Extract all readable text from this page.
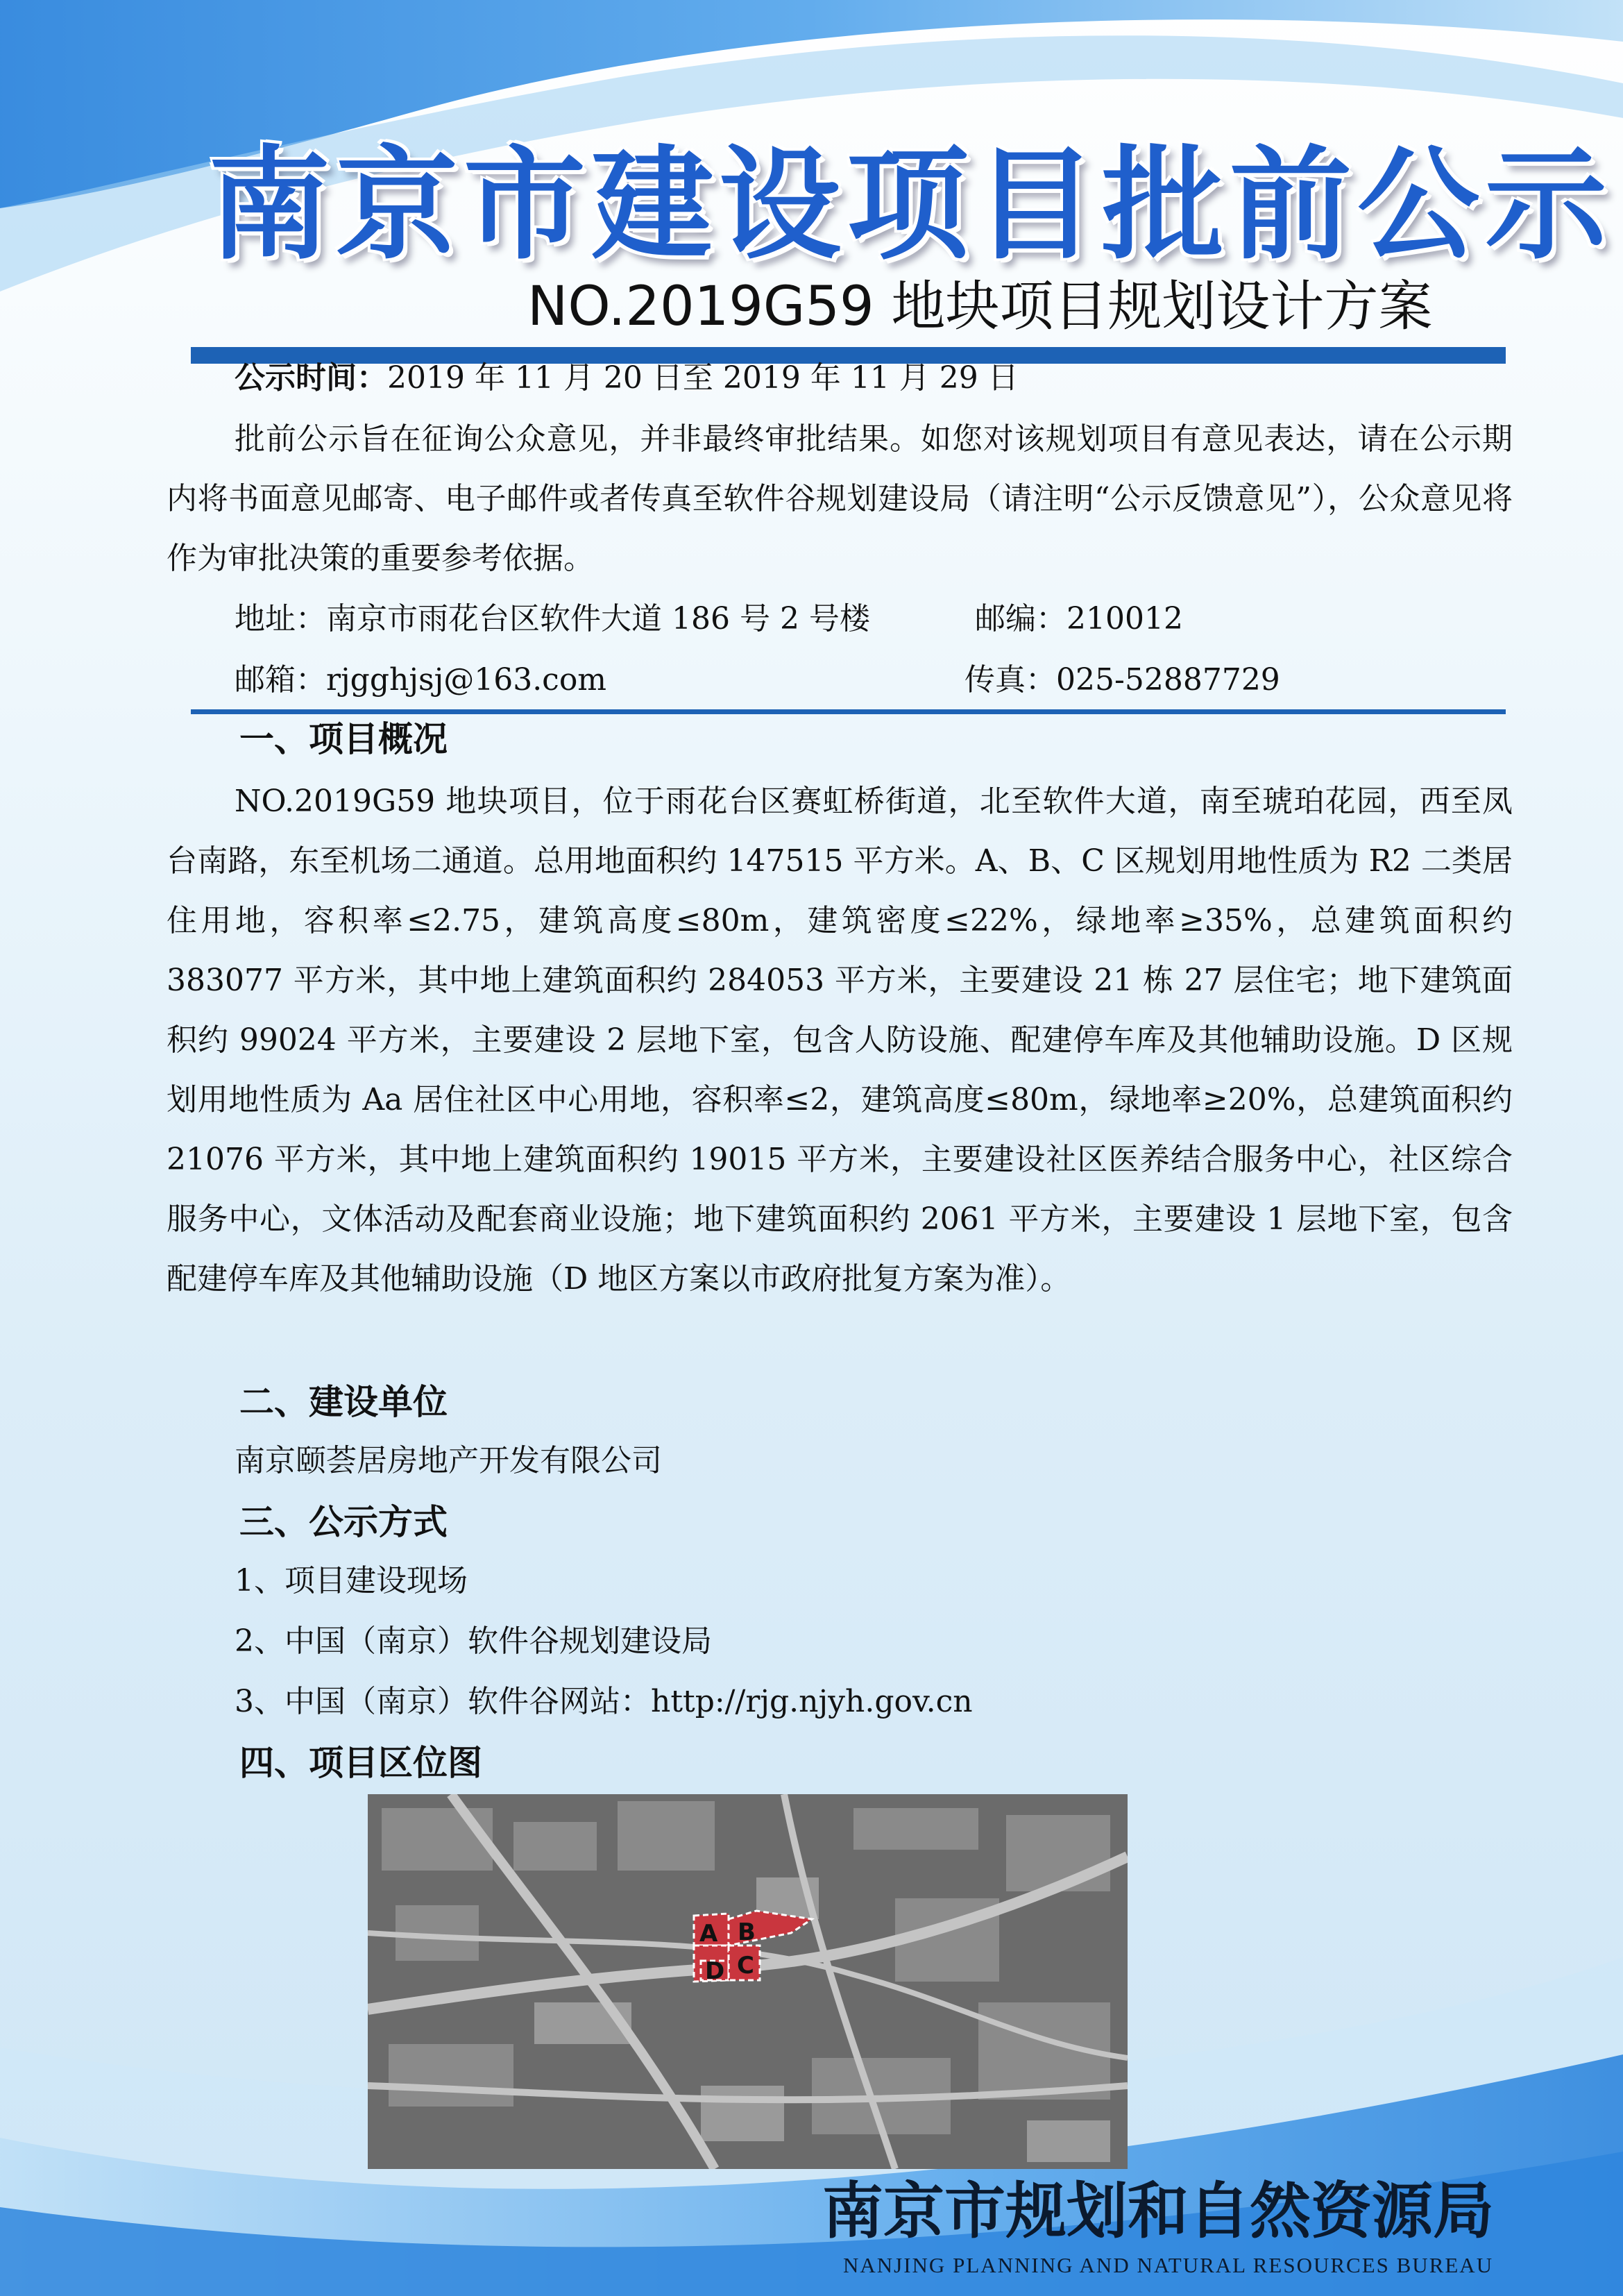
南京市建设项目批前公示
NO.2019G59 地块项目规划设计方案
公示时间：2019 年 11 月 20 日至 2019 年 11 月 29 日
批前公示旨在征询公众意见，并非最终审批结果。如您对该规划项目有意见表达，请在公示期内将书面意见邮寄、电子邮件或者传真至软件谷规划建设局（请注明“公示反馈意见”），公众意见将作为审批决策的重要参考依据。
地址：南京市雨花台区软件大道 186 号 2 号楼	邮编：210012
邮箱：rjgghjsj@163.com	传真：025-52887729
一、项目概况
NO.2019G59 地块项目，位于雨花台区赛虹桥街道，北至软件大道，南至琥珀花园，西至凤台南路，东至机场二通道。总用地面积约 147515 平方米。A、B、C 区规划用地性质为 R2 二类居住用地，容积率≤2.75，建筑高度≤80m，建筑密度≤22%，绿地率≥35%，总建筑面积约 383077 平方米，其中地上建筑面积约 284053 平方米，主要建设 21 栋 27 层住宅；地下建筑面积约 99024 平方米，主要建设 2 层地下室，包含人防设施、配建停车库及其他辅助设施。D 区规划用地性质为 Aa 居住社区中心用地，容积率≤2，建筑高度≤80m，绿地率≥20%，总建筑面积约 21076 平方米，其中地上建筑面积约 19015 平方米，主要建设社区医养结合服务中心，社区综合服务中心，文体活动及配套商业设施；地下建筑面积约 2061 平方米，主要建设 1 层地下室，包含配建停车库及其他辅助设施（D 地区方案以市政府批复方案为准）。
二、建设单位
南京颐荟居房地产开发有限公司
三、公示方式
1、项目建设现场
2、中国（南京）软件谷规划建设局
3、中国（南京）软件谷网站：http://rjg.njyh.gov.cn
四、项目区位图
A B
C
D
南京市规划和自然资源局
NANJING PLANNING AND NATURAL RESOURCES BUREAU
